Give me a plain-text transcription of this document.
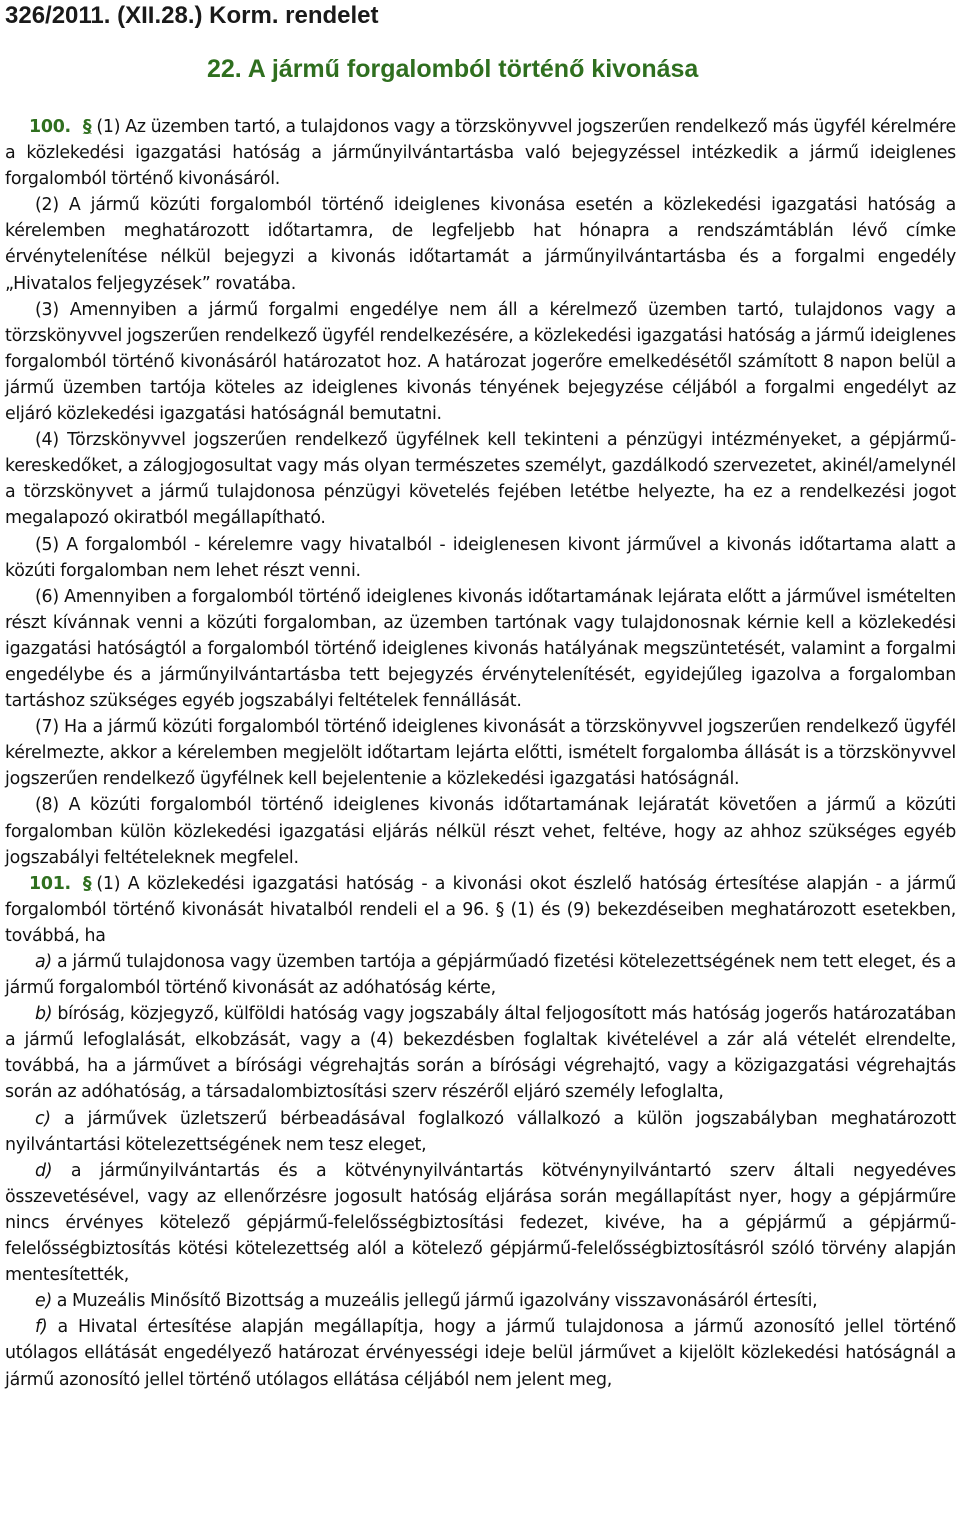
326/2011. (XII.28.) Korm. rendelet
22. A jármű forgalomból történő kivonása

100. § (1) Az üzemben tartó, a tulajdonos vagy a törzskönyvvel jogszerűen rendelkező más ügyfél kérelmére a közlekedési igazgatási hatóság a járműnyilvántartásba való bejegyzéssel intézkedik a jármű ideiglenes forgalomból történő kivonásáról.

(2) A jármű közúti forgalomból történő ideiglenes kivonása esetén a közlekedési igazgatási hatóság a kérelemben meghatározott időtartamra, de legfeljebb hat hónapra a rendszámtáblán lévő címke érvénytelenítése nélkül bejegyzi a kivonás időtartamát a járműnyilvántartásba és a forgalmi engedély „Hivatalos feljegyzések” rovatába.

(3) Amennyiben a jármű forgalmi engedélye nem áll a kérelmező üzemben tartó, tulajdonos vagy a törzskönyvvel jogszerűen rendelkező ügyfél rendelkezésére, a közlekedési igazgatási hatóság a jármű ideiglenes forgalomból történő kivonásáról határozatot hoz. A határozat jogerőre emelkedésétől számított 8 napon belül a jármű üzemben tartója köteles az ideiglenes kivonás tényének bejegyzése céljából a forgalmi engedélyt az eljáró közlekedési igazgatási hatóságnál bemutatni.

(4) Törzskönyvvel jogszerűen rendelkező ügyfélnek kell tekinteni a pénzügyi intézményeket, a gépjármű-kereskedőket, a zálogjogosultat vagy más olyan természetes személyt, gazdálkodó szervezetet, akinél/amelynél a törzskönyvet a jármű tulajdonosa pénzügyi követelés fejében letétbe helyezte, ha ez a rendelkezési jogot megalapozó okiratból megállapítható.

(5) A forgalomból - kérelemre vagy hivatalból - ideiglenesen kivont járművel a kivonás időtartama alatt a közúti forgalomban nem lehet részt venni.

(6) Amennyiben a forgalomból történő ideiglenes kivonás időtartamának lejárata előtt a járművel ismételten részt kívánnak venni a közúti forgalomban, az üzemben tartónak vagy tulajdonosnak kérnie kell a közlekedési igazgatási hatóságtól a forgalomból történő ideiglenes kivonás hatályának megszüntetését, valamint a forgalmi engedélybe és a járműnyilvántartásba tett bejegyzés érvénytelenítését, egyidejűleg igazolva a forgalomban tartáshoz szükséges egyéb jogszabályi feltételek fennállását.

(7) Ha a jármű közúti forgalomból történő ideiglenes kivonását a törzskönyvvel jogszerűen rendelkező ügyfél kérelmezte, akkor a kérelemben megjelölt időtartam lejárta előtti, ismételt forgalomba állását is a törzskönyvvel jogszerűen rendelkező ügyfélnek kell bejelentenie a közlekedési igazgatási hatóságnál.

(8) A közúti forgalomból történő ideiglenes kivonás időtartamának lejáratát követően a jármű a közúti forgalomban külön közlekedési igazgatási eljárás nélkül részt vehet, feltéve, hogy az ahhoz szükséges egyéb jogszabályi feltételeknek megfelel.

101. § (1) A közlekedési igazgatási hatóság - a kivonási okot észlelő hatóság értesítése alapján - a jármű forgalomból történő kivonását hivatalból rendeli el a 96. § (1) és (9) bekezdéseiben meghatározott esetekben, továbbá, ha

a) a jármű tulajdonosa vagy üzemben tartója a gépjárműadó fizetési kötelezettségének nem tett eleget, és a jármű forgalomból történő kivonását az adóhatóság kérte,

b) bíróság, közjegyző, külföldi hatóság vagy jogszabály által feljogosított más hatóság jogerős határozatában a jármű lefoglalását, elkobzását, vagy a (4) bekezdésben foglaltak kivételével a zár alá vételét elrendelte, továbbá, ha a járművet a bírósági végrehajtás során a bírósági végrehajtó, vagy a közigazgatási végrehajtás során az adóhatóság, a társadalombiztosítási szerv részéről eljáró személy lefoglalta,

c) a járművek üzletszerű bérbeadásával foglalkozó vállalkozó a külön jogszabályban meghatározott nyilvántartási kötelezettségének nem tesz eleget,

d) a járműnyilvántartás és a kötvénynyilvántartás kötvénynyilvántartó szerv általi negyedéves összevetésével, vagy az ellenőrzésre jogosult hatóság eljárása során megállapítást nyer, hogy a gépjárműre nincs érvényes kötelező gépjármű-felelősségbiztosítási fedezet, kivéve, ha a gépjármű a gépjármű-felelősségbiztosítás kötési kötelezettség alól a kötelező gépjármű-felelősségbiztosításról szóló törvény alapján mentesítették,

e) a Muzeális Minősítő Bizottság a muzeális jellegű jármű igazolvány visszavonásáról értesíti,

f) a Hivatal értesítése alapján megállapítja, hogy a jármű tulajdonosa a jármű azonosító jellel történő utólagos ellátását engedélyező határozat érvényességi ideje belül járművet a kijelölt közlekedési hatóságnál a jármű azonosító jellel történő utólagos ellátása céljából nem jelent meg,
